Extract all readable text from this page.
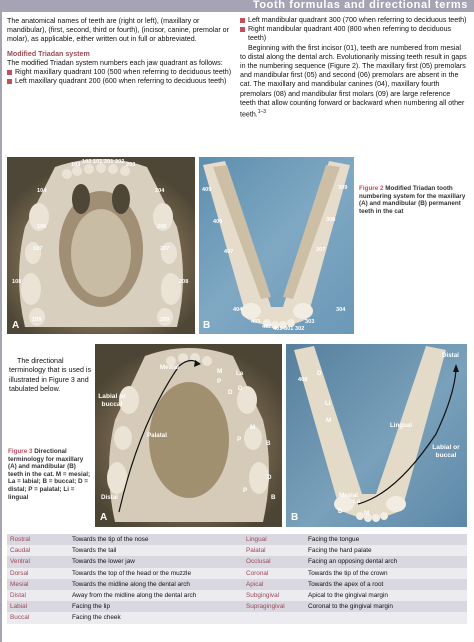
Tooth formulas and directional terms

The anatomical names of teeth are (right or left), (maxillary or mandibular), (first, second, third or fourth), (incisor, canine, premolar or molar), as applicable, either written out in full or abbreviated.

Modified Triadan system

The modified Triadan system numbers each jaw quadrant as follows:

Right maxillary quadrant 100 (500 when referring to deciduous teeth)

Left maxillary quadrant 200 (600 when referring to deciduous teeth)

Left mandibular quadrant 300 (700 when referring to deciduous teeth)

Right mandibular quadrant 400 (800 when referring to deciduous teeth)

Beginning with the first incisor (01), teeth are numbered from mesial to distal along the dental arch. Evolutionarily missing teeth result in gaps in the numbering sequence (Figure 2). The maxillary first (05) premolars and mandibular first (05) and second (06) premolars are absent in the cat. The maxillary and mandibular canines (04), maxillary fourth premolars (08) and mandibular first molars (09) are large reference teeth that allow counting forward or backward when numbering all other teeth.$^{1-3}$

103 102 101 201 202 203
104	204
106	206
107	207
108	208
109	209
A
409	309
408	308
407	307
404	304
402 401 301 302
403	303
B
Figure 2 Modified Triadan tooth numbering system for the maxillary (A) and mandibular (B) permanent teeth in the cat

The directional terminology that is used is illustrated in Figure 3 and tabulated below.

Figure 3 Directional terminology for maxillary (A) and mandibular (B) teeth in the cat. M = mesial; La = labial; B = buccal; D = distal; P = palatal; Li = lingual
Mesial
Labial or buccal
Palatal
Distal
M La
P
D
D
P
M
B
P
D
B
A
Distal
Lingual
Labial or buccal
Mesial
408
D
Li
M
La
D	M
B
Rostral	Towards the tip of the nose	Lingual	Facing the tongue
Caudal	Towards the tail	Palatal	Facing the hard palate
Ventral	Towards the lower jaw	Occlusal	Facing an opposing dental arch
Dorsal	Towards the top of the head or the muzzle	Coronal	Towards the tip of the crown
Mesial	Towards the midline along the dental arch	Apical	Towards the apex of a root
Distal	Away from the midline along the dental arch	Subgingival	Apical to the gingival margin
Labial	Facing the lip	Supragingival	Coronal to the gingival margin
Buccal	Facing the cheek		
